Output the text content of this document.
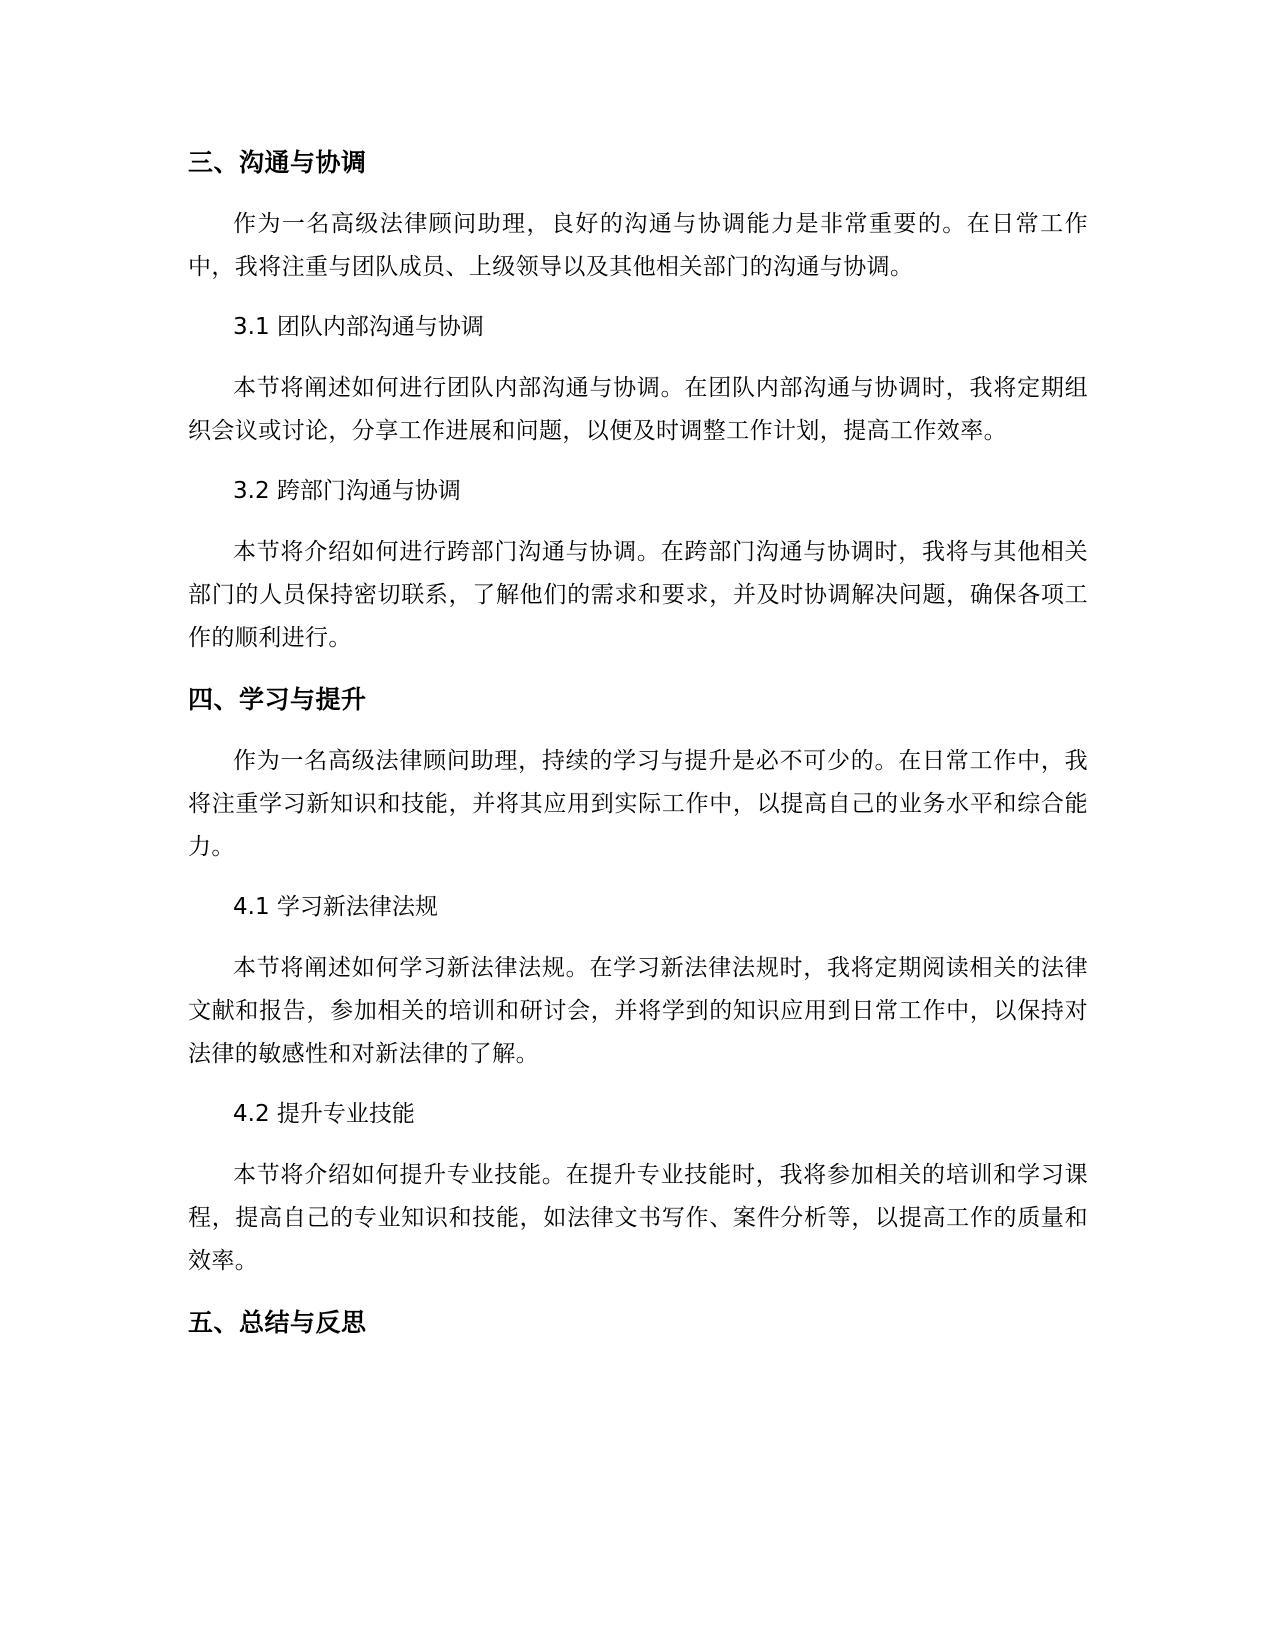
三、沟通与协调

作为一名高级法律顾问助理，良好的沟通与协调能力是非常重要的。在日常工作中，我将注重与团队成员、上级领导以及其他相关部门的沟通与协调。

3.1 团队内部沟通与协调

本节将阐述如何进行团队内部沟通与协调。在团队内部沟通与协调时，我将定期组织会议或讨论，分享工作进展和问题，以便及时调整工作计划，提高工作效率。

3.2 跨部门沟通与协调

本节将介绍如何进行跨部门沟通与协调。在跨部门沟通与协调时，我将与其他相关部门的人员保持密切联系，了解他们的需求和要求，并及时协调解决问题，确保各项工作的顺利进行。

四、学习与提升

作为一名高级法律顾问助理，持续的学习与提升是必不可少的。在日常工作中，我将注重学习新知识和技能，并将其应用到实际工作中，以提高自己的业务水平和综合能力。

4.1 学习新法律法规

本节将阐述如何学习新法律法规。在学习新法律法规时，我将定期阅读相关的法律文献和报告，参加相关的培训和研讨会，并将学到的知识应用到日常工作中，以保持对法律的敏感性和对新法律的了解。

4.2 提升专业技能

本节将介绍如何提升专业技能。在提升专业技能时，我将参加相关的培训和学习课程，提高自己的专业知识和技能，如法律文书写作、案件分析等，以提高工作的质量和效率。

五、总结与反思
